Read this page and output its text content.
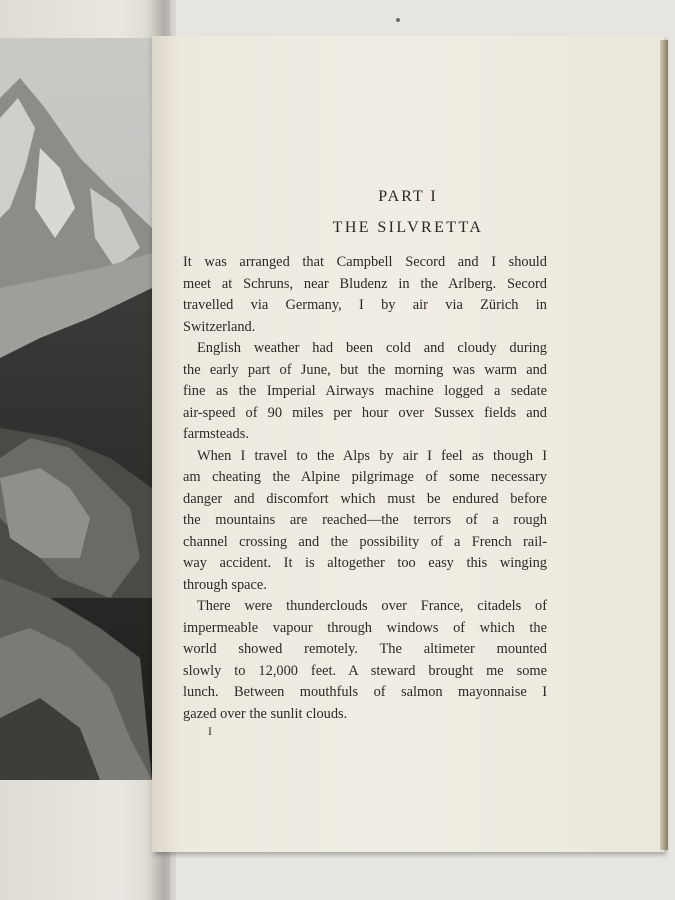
PART I
THE SILVRETTA
It was arranged that Campbell Secord and I should
meet at Schruns, near Bludenz in the Arlberg. Secord
travelled via Germany, I by air via Zürich in
Switzerland.
English weather had been cold and cloudy during
the early part of June, but the morning was warm and
fine as the Imperial Airways machine logged a sedate
air-speed of 90 miles per hour over Sussex fields and
farmsteads.
When I travel to the Alps by air I feel as though I
am cheating the Alpine pilgrimage of some necessary
danger and discomfort which must be endured before
the mountains are reached—the terrors of a rough
channel crossing and the possibility of a French rail-
way accident. It is altogether too easy this winging
through space.
There were thunderclouds over France, citadels of
impermeable vapour through windows of which the
world showed remotely. The altimeter mounted
slowly to 12,000 feet. A steward brought me some
lunch. Between mouthfuls of salmon mayonnaise I
gazed over the sunlit clouds.
I
